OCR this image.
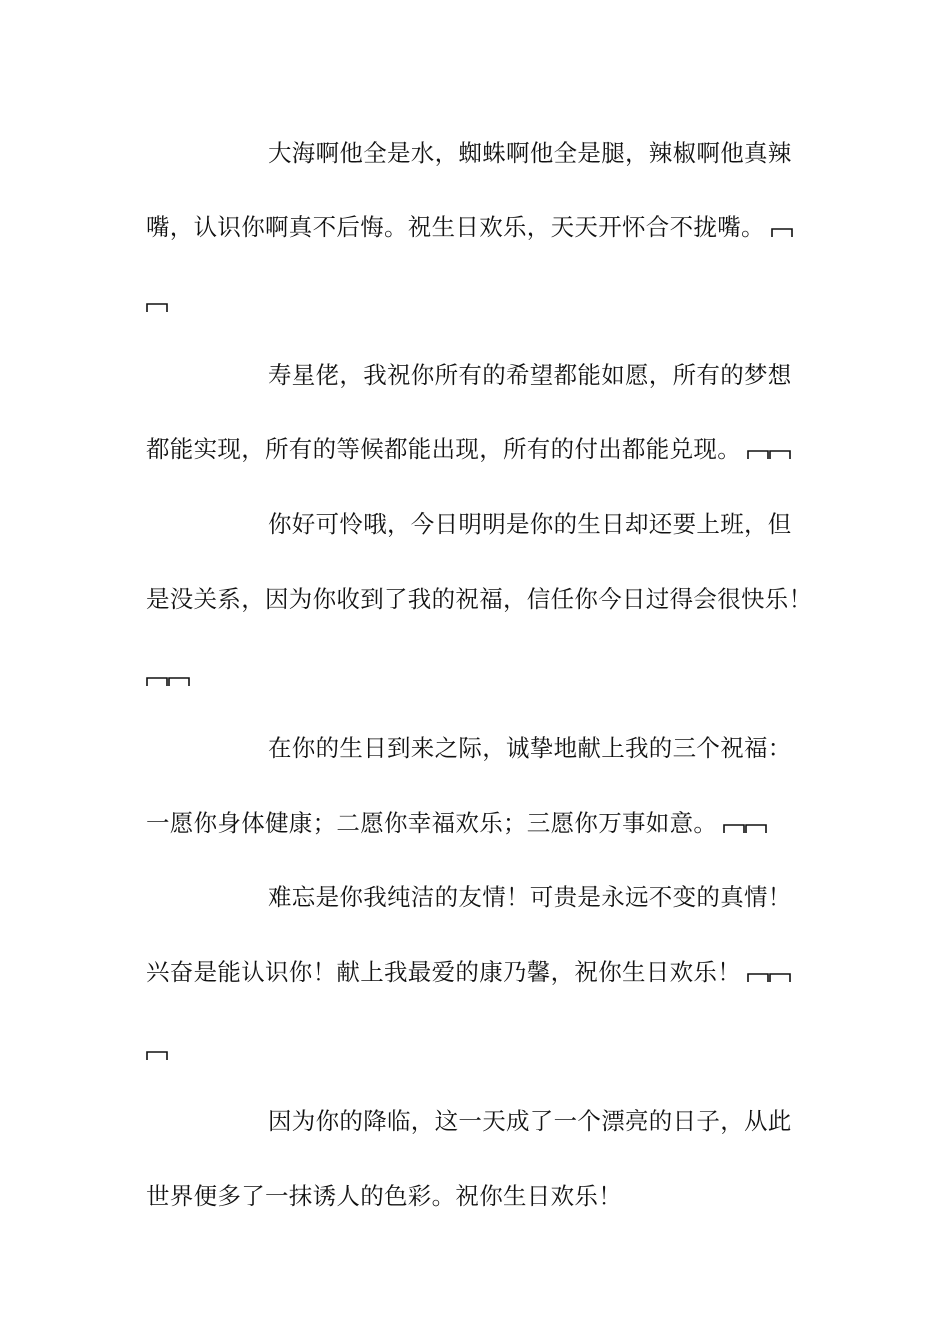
大海啊他全是水，蜘蛛啊他全是腿，辣椒啊他真辣
嘴，认识你啊真不后悔。祝生日欢乐，天天开怀合不拢嘴。
寿星佬，我祝你所有的希望都能如愿，所有的梦想
都能实现，所有的等候都能出现，所有的付出都能兑现。
你好可怜哦，今日明明是你的生日却还要上班，但
是没关系，因为你收到了我的祝福，信任你今日过得会很快乐！
在你的生日到来之际，诚挚地献上我的三个祝福：
一愿你身体健康；二愿你幸福欢乐；三愿你万事如意。
难忘是你我纯洁的友情！可贵是永远不变的真情！
兴奋是能认识你！献上我最爱的康乃馨，祝你生日欢乐！
因为你的降临，这一天成了一个漂亮的日子，从此
世界便多了一抹诱人的色彩。祝你生日欢乐！
